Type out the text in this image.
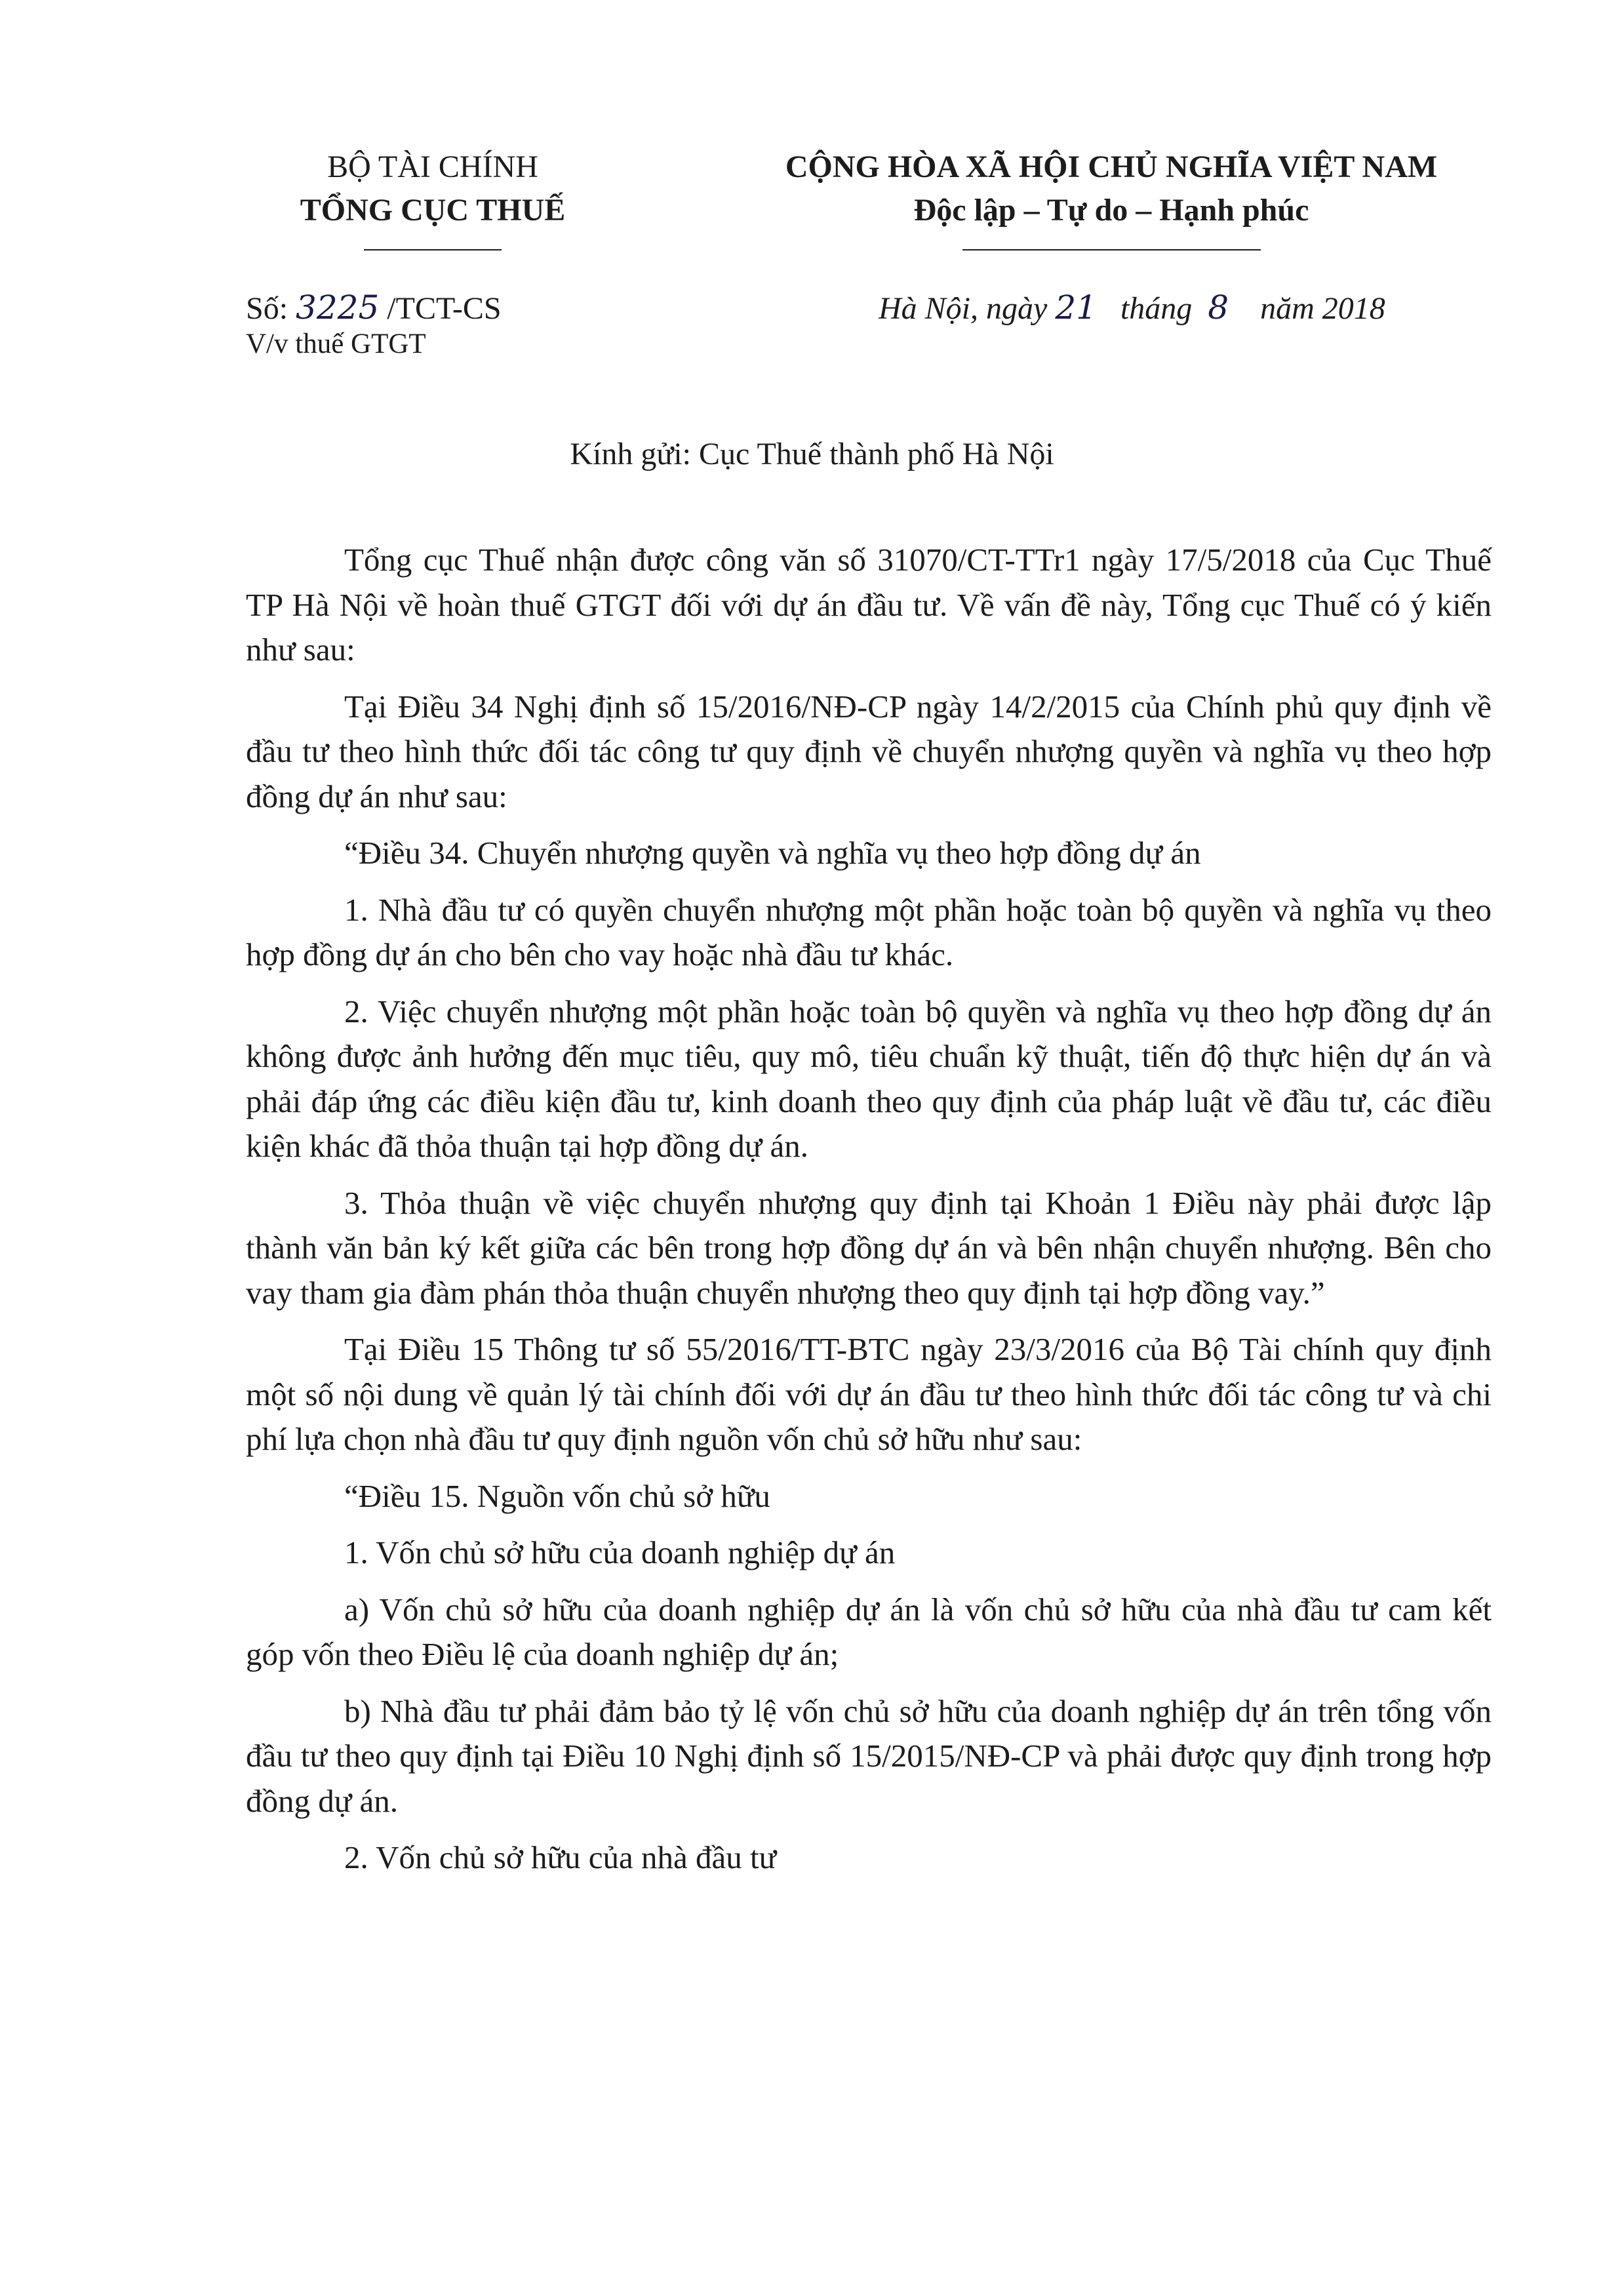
BỘ TÀI CHÍNH
TỔNG CỤC THUẾ
CỘNG HÒA XÃ HỘI CHỦ NGHĨA VIỆT NAM
Độc lập – Tự do – Hạnh phúc
Số: 3225 /TCT-CS
V/v thuế GTGT
Hà Nội, ngày 21 tháng 8 năm 2018
Kính gửi: Cục Thuế thành phố Hà Nội

Tổng cục Thuế nhận được công văn số 31070/CT-TTr1 ngày 17/5/2018 của Cục Thuế TP Hà Nội về hoàn thuế GTGT đối với dự án đầu tư. Về vấn đề này, Tổng cục Thuế có ý kiến như sau:

Tại Điều 34 Nghị định số 15/2016/NĐ-CP ngày 14/2/2015 của Chính phủ quy định về đầu tư theo hình thức đối tác công tư quy định về chuyển nhượng quyền và nghĩa vụ theo hợp đồng dự án như sau:

“Điều 34. Chuyển nhượng quyền và nghĩa vụ theo hợp đồng dự án

1. Nhà đầu tư có quyền chuyển nhượng một phần hoặc toàn bộ quyền và nghĩa vụ theo hợp đồng dự án cho bên cho vay hoặc nhà đầu tư khác.

2. Việc chuyển nhượng một phần hoặc toàn bộ quyền và nghĩa vụ theo hợp đồng dự án không được ảnh hưởng đến mục tiêu, quy mô, tiêu chuẩn kỹ thuật, tiến độ thực hiện dự án và phải đáp ứng các điều kiện đầu tư, kinh doanh theo quy định của pháp luật về đầu tư, các điều kiện khác đã thỏa thuận tại hợp đồng dự án.

3. Thỏa thuận về việc chuyển nhượng quy định tại Khoản 1 Điều này phải được lập thành văn bản ký kết giữa các bên trong hợp đồng dự án và bên nhận chuyển nhượng. Bên cho vay tham gia đàm phán thỏa thuận chuyển nhượng theo quy định tại hợp đồng vay.”

Tại Điều 15 Thông tư số 55/2016/TT-BTC ngày 23/3/2016 của Bộ Tài chính quy định một số nội dung về quản lý tài chính đối với dự án đầu tư theo hình thức đối tác công tư và chi phí lựa chọn nhà đầu tư quy định nguồn vốn chủ sở hữu như sau:

“Điều 15. Nguồn vốn chủ sở hữu

1. Vốn chủ sở hữu của doanh nghiệp dự án

a) Vốn chủ sở hữu của doanh nghiệp dự án là vốn chủ sở hữu của nhà đầu tư cam kết góp vốn theo Điều lệ của doanh nghiệp dự án;

b) Nhà đầu tư phải đảm bảo tỷ lệ vốn chủ sở hữu của doanh nghiệp dự án trên tổng vốn đầu tư theo quy định tại Điều 10 Nghị định số 15/2015/NĐ-CP và phải được quy định trong hợp đồng dự án.

2. Vốn chủ sở hữu của nhà đầu tư
